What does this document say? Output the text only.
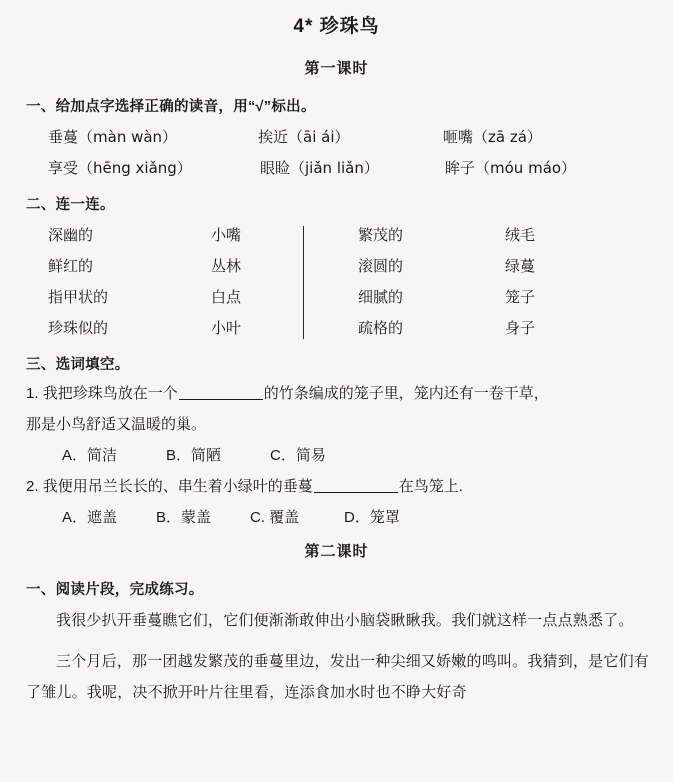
4* 珍珠鸟
第一课时
一、给加点字选择正确的读音，用“√”标出。
垂蔓（màn wàn）	挨近（āi ái）	咂嘴（zā zá）
享受（hēng xiǎng）	眼睑（jiǎn liǎn）	眸子（móu máo）
二、连一连。
深幽的	小嘴	繁茂的	绒毛
鲜红的	丛林	滚圆的	绿蔓
指甲状的	白点	细腻的	笼子
珍珠似的	小叶	疏格的	身子
三、选词填空。
1. 我把珍珠鸟放在一个	的竹条编成的笼子里，笼内还有一卷干草，
那是小鸟舒适又温暖的巢。
A．简洁	B．简陋	C．简易
2. 我便用吊兰长长的、串生着小绿叶的垂蔓	在鸟笼上.
A．遮盖	B．蒙盖	C. 覆盖	D．笼罩
第二课时
一、阅读片段，完成练习。

我很少扒开垂蔓瞧它们，它们便渐渐敢伸出小脑袋瞅瞅我。我们就这样一点点熟悉了。

三个月后，那一团越发繁茂的垂蔓里边，发出一种尖细又娇嫩的鸣叫。我猜到，是它们有了雏儿。我呢，决不掀开叶片往里看，连添食加水时也不睁大好奇
